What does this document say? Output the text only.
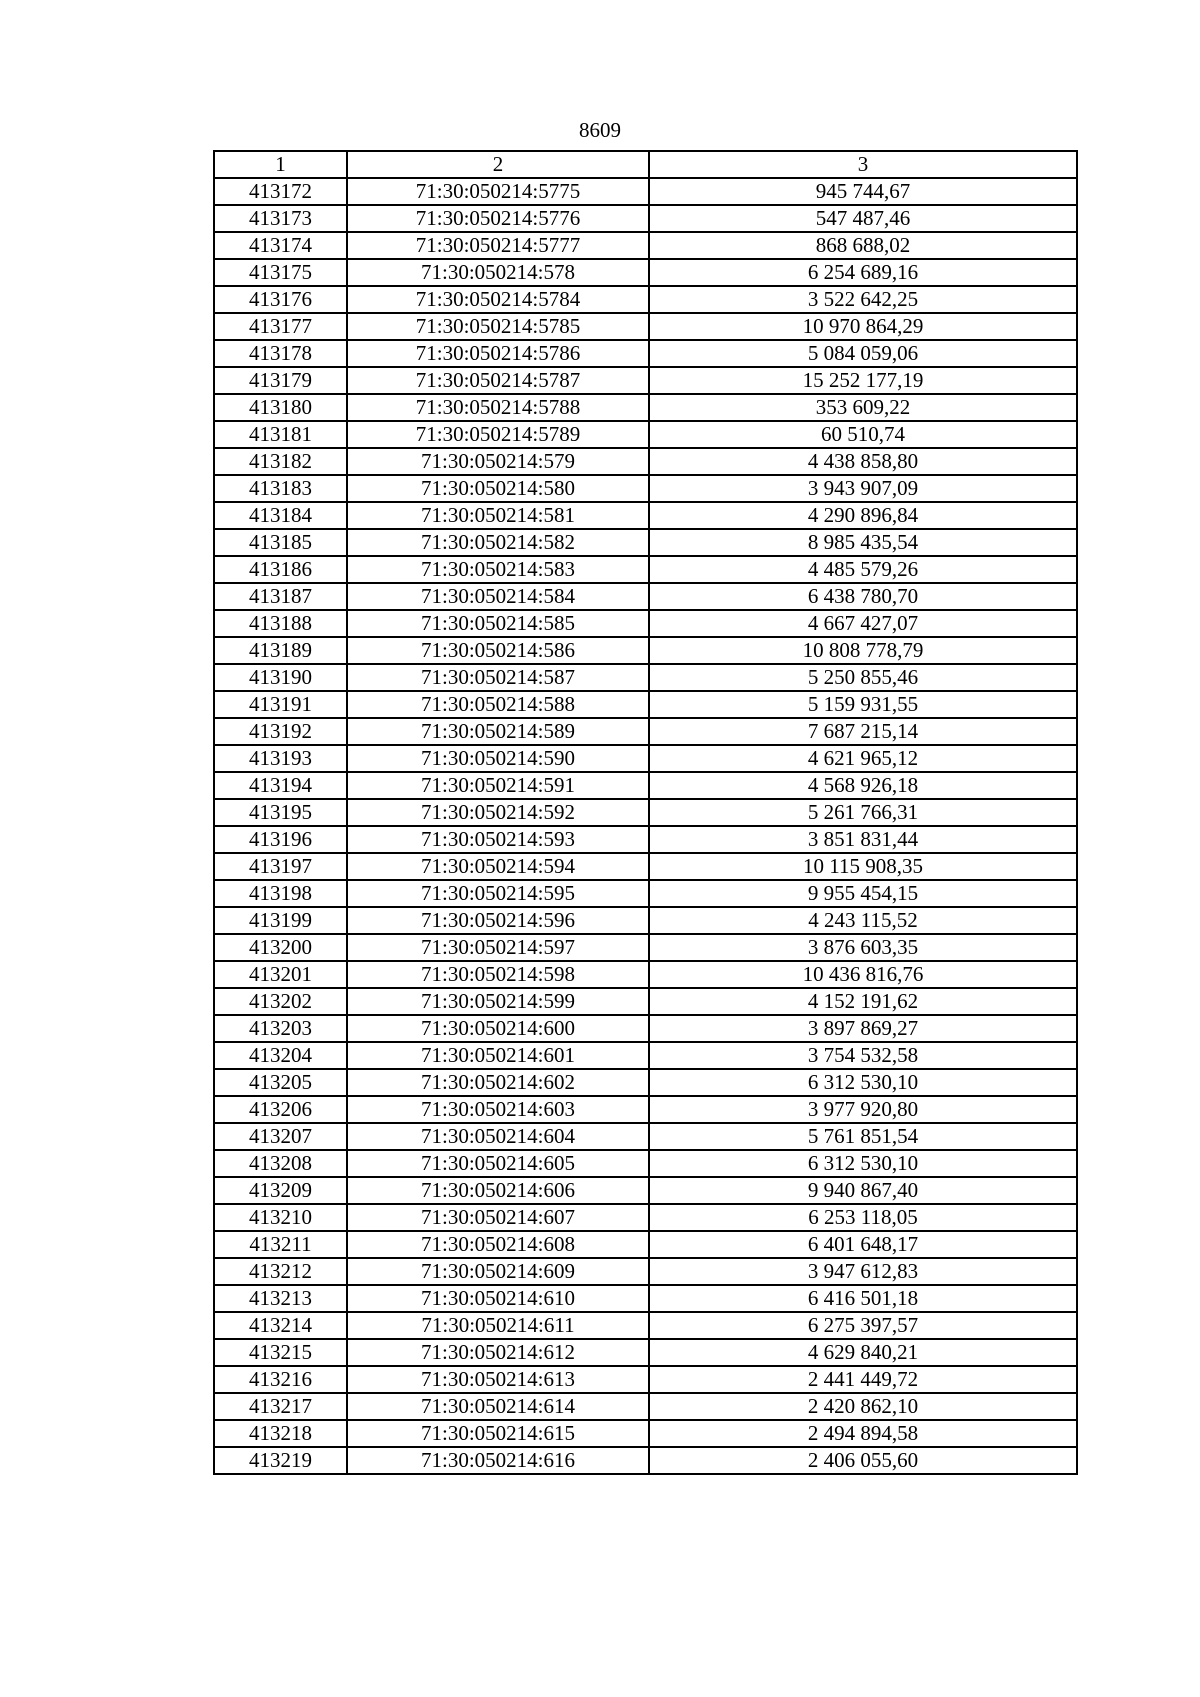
8609
1	2	3
413172	71:30:050214:5775	945 744,67
413173	71:30:050214:5776	547 487,46
413174	71:30:050214:5777	868 688,02
413175	71:30:050214:578	6 254 689,16
413176	71:30:050214:5784	3 522 642,25
413177	71:30:050214:5785	10 970 864,29
413178	71:30:050214:5786	5 084 059,06
413179	71:30:050214:5787	15 252 177,19
413180	71:30:050214:5788	353 609,22
413181	71:30:050214:5789	60 510,74
413182	71:30:050214:579	4 438 858,80
413183	71:30:050214:580	3 943 907,09
413184	71:30:050214:581	4 290 896,84
413185	71:30:050214:582	8 985 435,54
413186	71:30:050214:583	4 485 579,26
413187	71:30:050214:584	6 438 780,70
413188	71:30:050214:585	4 667 427,07
413189	71:30:050214:586	10 808 778,79
413190	71:30:050214:587	5 250 855,46
413191	71:30:050214:588	5 159 931,55
413192	71:30:050214:589	7 687 215,14
413193	71:30:050214:590	4 621 965,12
413194	71:30:050214:591	4 568 926,18
413195	71:30:050214:592	5 261 766,31
413196	71:30:050214:593	3 851 831,44
413197	71:30:050214:594	10 115 908,35
413198	71:30:050214:595	9 955 454,15
413199	71:30:050214:596	4 243 115,52
413200	71:30:050214:597	3 876 603,35
413201	71:30:050214:598	10 436 816,76
413202	71:30:050214:599	4 152 191,62
413203	71:30:050214:600	3 897 869,27
413204	71:30:050214:601	3 754 532,58
413205	71:30:050214:602	6 312 530,10
413206	71:30:050214:603	3 977 920,80
413207	71:30:050214:604	5 761 851,54
413208	71:30:050214:605	6 312 530,10
413209	71:30:050214:606	9 940 867,40
413210	71:30:050214:607	6 253 118,05
413211	71:30:050214:608	6 401 648,17
413212	71:30:050214:609	3 947 612,83
413213	71:30:050214:610	6 416 501,18
413214	71:30:050214:611	6 275 397,57
413215	71:30:050214:612	4 629 840,21
413216	71:30:050214:613	2 441 449,72
413217	71:30:050214:614	2 420 862,10
413218	71:30:050214:615	2 494 894,58
413219	71:30:050214:616	2 406 055,60
